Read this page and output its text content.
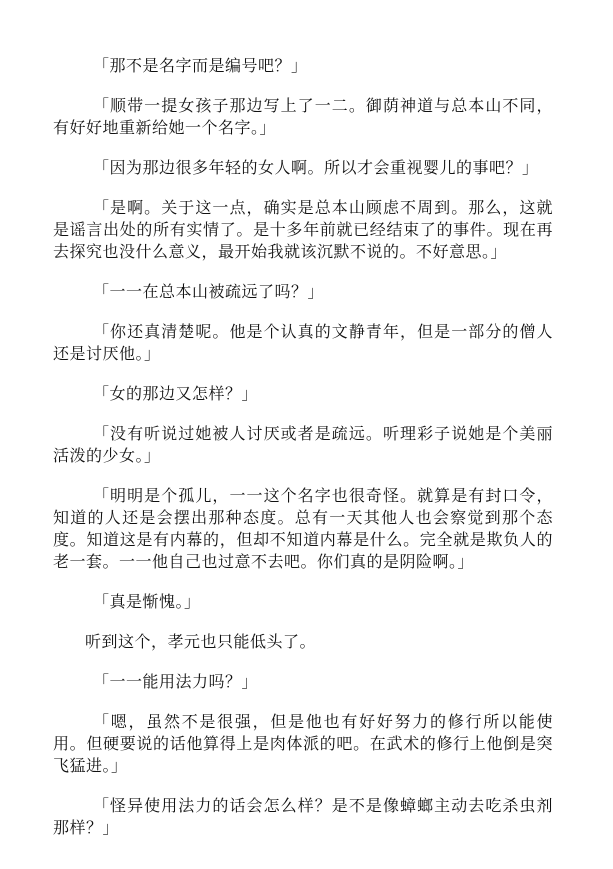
「那不是名字而是编号吧？」

「顺带一提女孩子那边写上了一二。御荫神道与总本山不同，有好好地重新给她一个名字。」

「因为那边很多年轻的女人啊。所以才会重视婴儿的事吧？」

「是啊。关于这一点，确实是总本山顾虑不周到。那么，这就是谣言出处的所有实情了。是十多年前就已经结束了的事件。现在再去探究也没什么意义，最开始我就该沉默不说的。不好意思。」

「一一在总本山被疏远了吗？」

「你还真清楚呢。他是个认真的文静青年，但是一部分的僧人还是讨厌他。」

「女的那边又怎样？」

「没有听说过她被人讨厌或者是疏远。听理彩子说她是个美丽活泼的少女。」

「明明是个孤儿，一一这个名字也很奇怪。就算是有封口令，知道的人还是会摆出那种态度。总有一天其他人也会察觉到那个态度。知道这是有内幕的，但却不知道内幕是什么。完全就是欺负人的老一套。一一他自己也过意不去吧。你们真的是阴险啊。」

「真是惭愧。」

听到这个，孝元也只能低头了。

「一一能用法力吗？」

「嗯，虽然不是很强，但是他也有好好努力的修行所以能使用。但硬要说的话他算得上是肉体派的吧。在武术的修行上他倒是突飞猛进。」

「怪异使用法力的话会怎么样？是不是像蟑螂主动去吃杀虫剂那样？」
